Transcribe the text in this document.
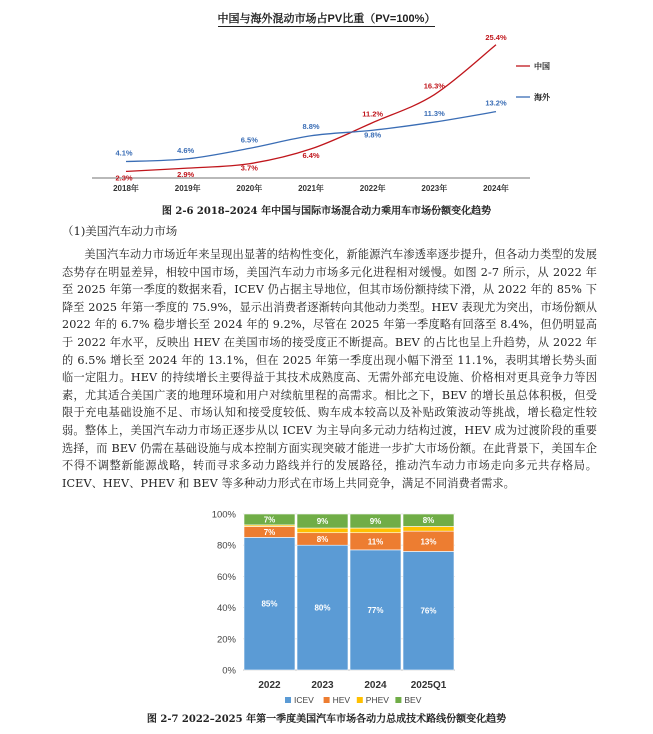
中国与海外混动市场占PV比重（PV=100%）
2018年	2019年	2020年	2021年	2022年	2023年	2024年
2.3%	2.9%
3.7%
6.4%
11.2%
16.3%
25.4%
中国
4.1%	4.6%
6.5%
8.8%
9.8%
11.3%
13.2%
海外
图 2-6 2018–2024 年中国与国际市场混合动力乘用车市场份额变化趋势
（1)美国汽车动力市场
美国汽车动力市场近年来呈现出显著的结构性变化，新能源汽车渗透率逐步提升，但各动力类型的发展态势存在明显差异，相较中国市场，美国汽车动力市场多元化进程相对缓慢。如图 2-7 所示，从 2022 年至 2025 年第一季度的数据来看，ICEV 仍占据主导地位，但其市场份额持续下滑，从 2022 年的 85% 下降至 2025 年第一季度的 75.9%，显示出消费者逐渐转向其他动力类型。HEV 表现尤为突出，市场份额从 2022 年的 6.7% 稳步增长至 2024 年的 9.2%，尽管在 2025 年第一季度略有回落至 8.4%，但仍明显高于 2022 年水平，反映出 HEV 在美国市场的接受度正不断提高。BEV 的占比也呈上升趋势，从 2022 年的 6.5% 增长至 2024 年的 13.1%，但在 2025 年第一季度出现小幅下滑至 11.1%，表明其增长势头面临一定阻力。HEV 的持续增长主要得益于其技术成熟度高、无需外部充电设施、价格相对更具竞争力等因素，尤其适合美国广袤的地理环境和用户对续航里程的高需求。相比之下，BEV 的增长虽总体积极，但受限于充电基础设施不足、市场认知和接受度较低、购车成本较高以及补贴政策波动等挑战，增长稳定性较弱。整体上，美国汽车动力市场正逐步从以 ICEV 为主导向多元动力结构过渡，HEV 成为过渡阶段的重要选择，而 BEV 仍需在基础设施与成本控制方面实现突破才能进一步扩大市场份额。在此背景下，美国车企不得不调整新能源战略，转而寻求多动力路线并行的发展路径，推动汽车动力市场走向多元共存格局。ICEV、HEV、PHEV 和 BEV 等多种动力形式在市场上共同竞争，满足不同消费者需求。
0%
20%
40%
60%
80%
100%
85%
7%
7%
2022
80%
8%
9%
2023
77%
11%
9%
2024
76%
13%
8%
2025Q1
ICEV HEV PHEV BEV
图 2-7 2022–2025 年第一季度美国汽车市场各动力总成技术路线份额变化趋势
